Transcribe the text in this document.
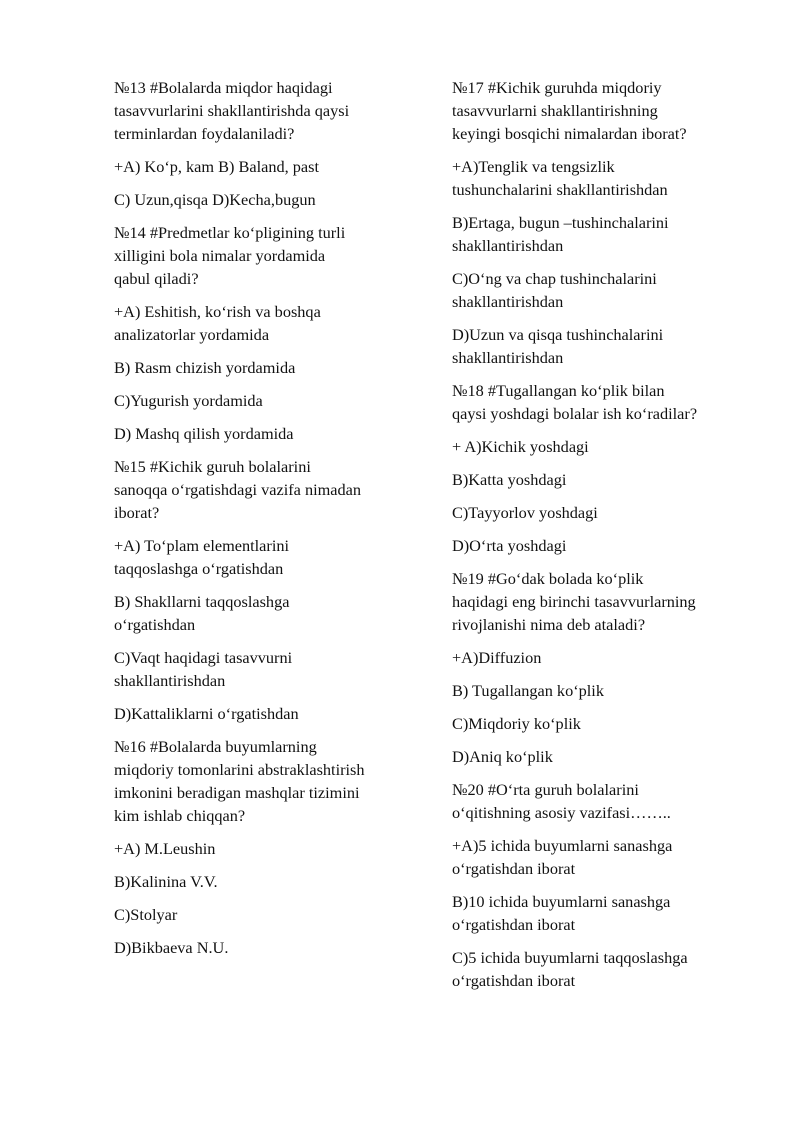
№13 #Bolalarda miqdor haqidagi
tasavvurlarini shakllantirishda qaysi
terminlardan foydalaniladi?

+A) Ko‘p, kam B) Baland, past

C) Uzun,qisqa D)Kecha,bugun

№14 #Predmetlar ko‘pligining turli
xilligini bola nimalar yordamida
qabul qiladi?

+A) Eshitish, ko‘rish va boshqa
analizatorlar yordamida

B) Rasm chizish yordamida

C)Yugurish yordamida

D) Mashq qilish yordamida

№15 #Kichik guruh bolalarini
sanoqqa o‘rgatishdagi vazifa nimadan
iborat?

+A) To‘plam elementlarini
taqqoslashga o‘rgatishdan

B) Shakllarni taqqoslashga
o‘rgatishdan

C)Vaqt haqidagi tasavvurni
shakllantirishdan

D)Kattaliklarni o‘rgatishdan

№16 #Bolalarda buyumlarning
miqdoriy tomonlarini abstraklashtirish
imkonini beradigan mashqlar tizimini
kim ishlab chiqqan?

+A) M.Leushin

B)Kalinina V.V.

C)Stolyar

D)Bikbaeva N.U.

№17 #Kichik guruhda miqdoriy
tasavvurlarni shakllantirishning
keyingi bosqichi nimalardan iborat?

+A)Tenglik va tengsizlik
tushunchalarini shakllantirishdan

B)Ertaga, bugun –tushinchalarini
shakllantirishdan

C)O‘ng va chap tushinchalarini
shakllantirishdan

D)Uzun va qisqa tushinchalarini
shakllantirishdan

№18 #Tugallangan ko‘plik bilan
qaysi yoshdagi bolalar ish ko‘radilar?

+ A)Kichik yoshdagi

B)Katta yoshdagi

C)Tayyorlov yoshdagi

D)O‘rta yoshdagi

№19 #Go‘dak bolada ko‘plik
haqidagi eng birinchi tasavvurlarning
rivojlanishi nima deb ataladi?

+A)Diffuzion

B) Tugallangan ko‘plik

C)Miqdoriy ko‘plik

D)Aniq ko‘plik

№20 #O‘rta guruh bolalarini
o‘qitishning asosiy vazifasi……..

+A)5 ichida buyumlarni sanashga
o‘rgatishdan iborat

B)10 ichida buyumlarni sanashga
o‘rgatishdan iborat

C)5 ichida buyumlarni taqqoslashga
o‘rgatishdan iborat
